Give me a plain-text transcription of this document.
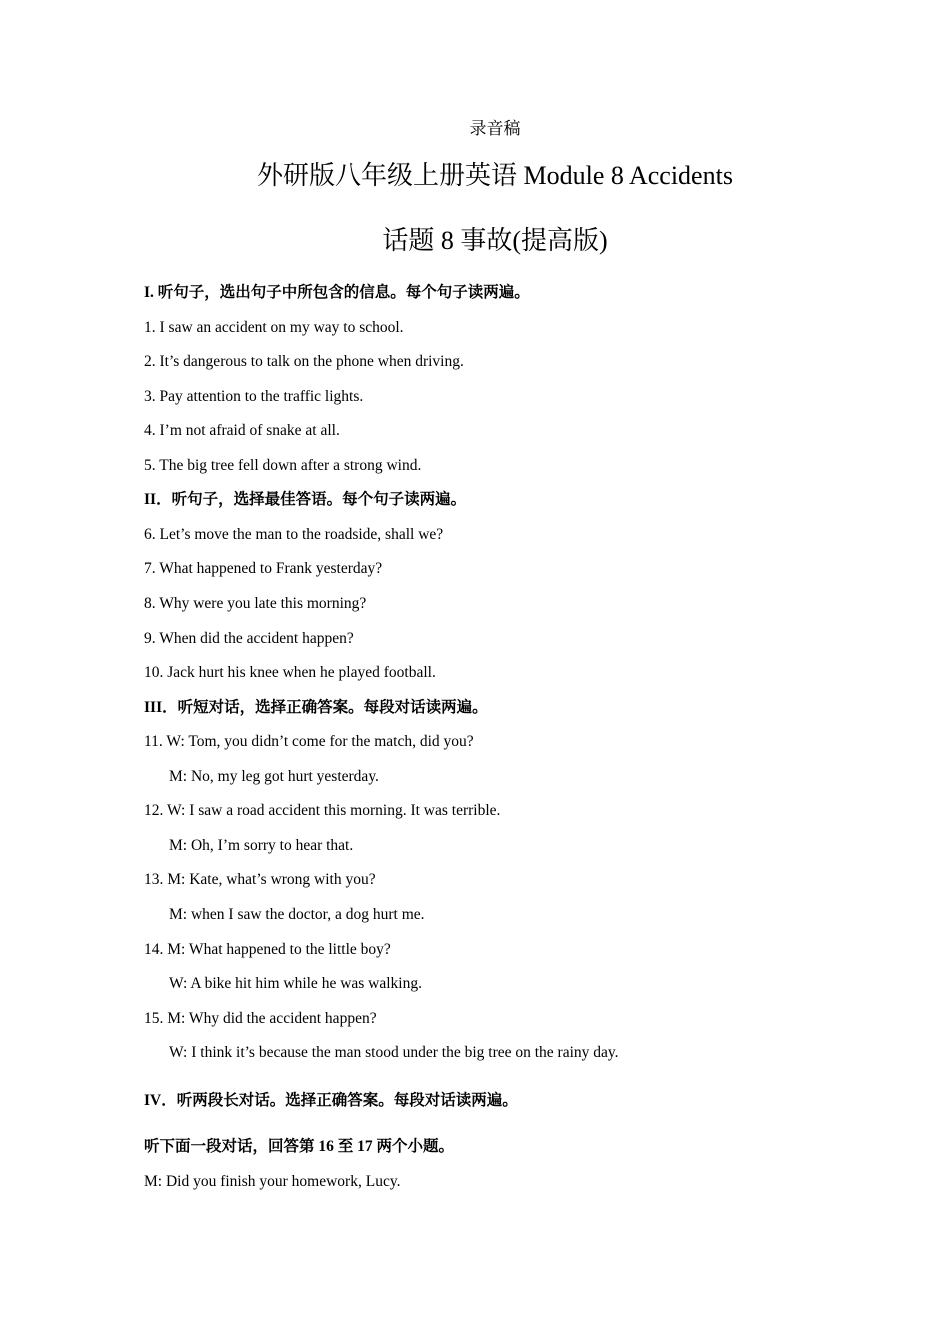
录音稿
外研版八年级上册英语 Module 8 Accidents
话题 8 事故(提高版)
I. 听句子，选出句子中所包含的信息。每个句子读两遍。
1. I saw an accident on my way to school.
2. It’s dangerous to talk on the phone when driving.
3. Pay attention to the traffic lights.
4. I’m not afraid of snake at all.
5. The big tree fell down after a strong wind.
II．听句子，选择最佳答语。每个句子读两遍。
6. Let’s move the man to the roadside, shall we?
7. What happened to Frank yesterday?
8. Why were you late this morning?
9. When did the accident happen?
10. Jack hurt his knee when he played football.
III．听短对话，选择正确答案。每段对话读两遍。
11. W: Tom, you didn’t come for the match, did you?
M: No, my leg got hurt yesterday.
12. W: I saw a road accident this morning. It was terrible.
M: Oh, I’m sorry to hear that.
13. M: Kate, what’s wrong with you?
M: when I saw the doctor, a dog hurt me.
14. M: What happened to the little boy?
W: A bike hit him while he was walking.
15. M: Why did the accident happen?
W: I think it’s because the man stood under the big tree on the rainy day.
IV．听两段长对话。选择正确答案。每段对话读两遍。
听下面一段对话，回答第 16 至 17 两个小题。
M: Did you finish your homework, Lucy.
